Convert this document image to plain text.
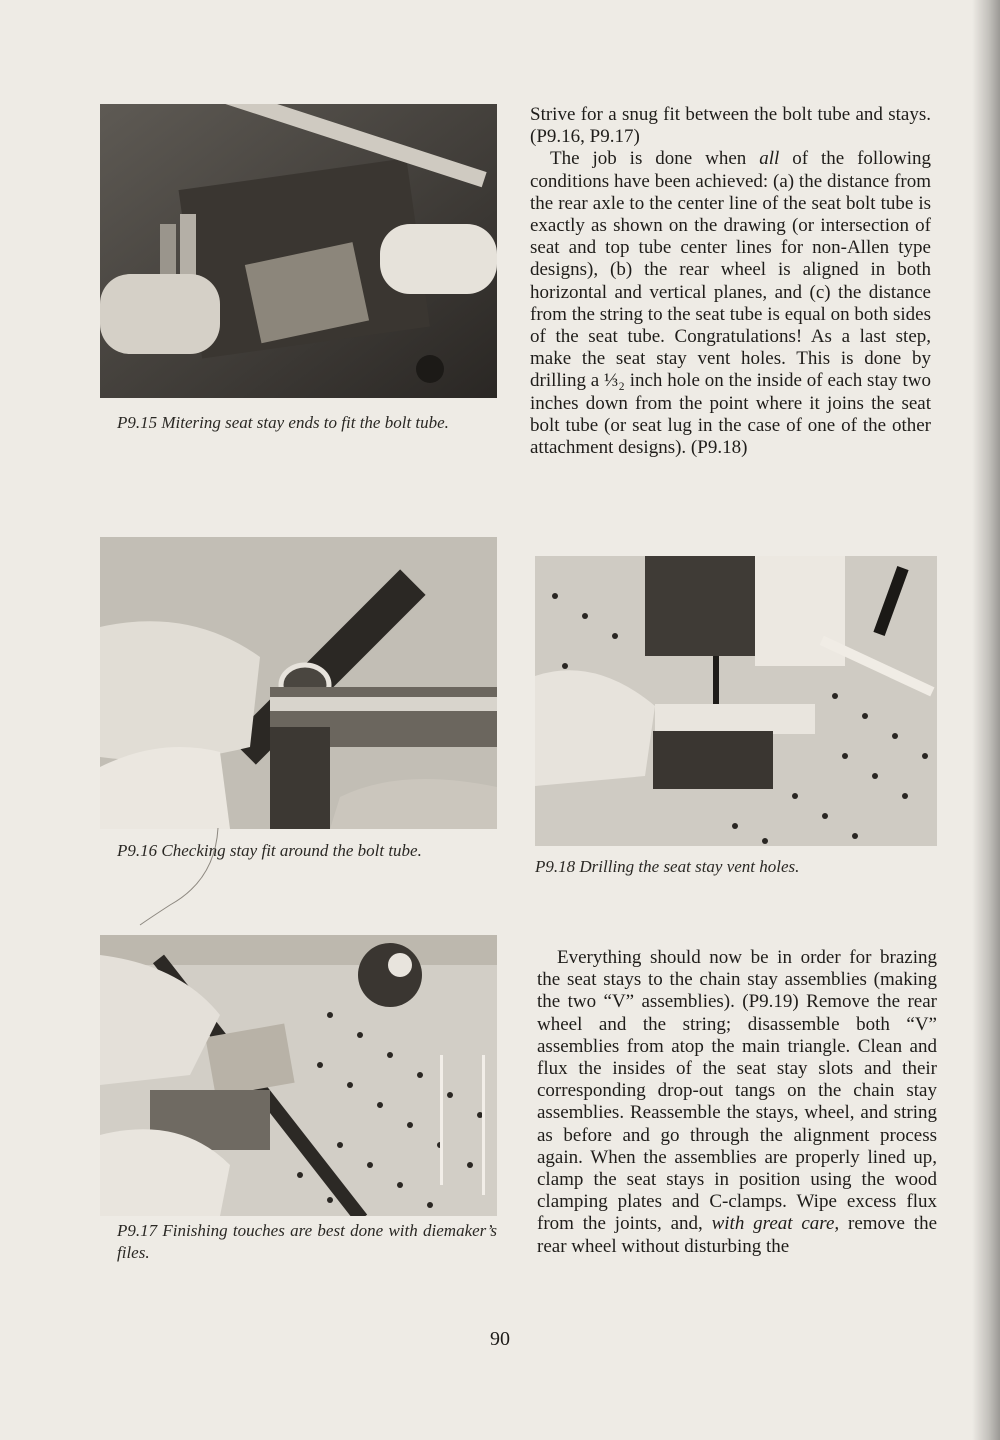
P9.15 Mitering seat stay ends to fit the bolt tube.

Strive for a snug fit between the bolt tube and stays. (P9.16, P9.17)

The job is done when all of the following conditions have been achieved: (a) the distance from the rear axle to the center line of the seat bolt tube is exactly as shown on the drawing (or intersection of seat and top tube center lines for non-Allen type designs), (b) the rear wheel is aligned in both horizontal and vertical planes, and (c) the distance from the string to the seat tube is equal on both sides of the seat tube. Congratulations! As a last step, make the seat stay vent holes. This is done by drilling a ⅓₂ inch hole on the inside of each stay two inches down from the point where it joins the seat bolt tube (or seat lug in the case of one of the other attachment designs). (P9.18)

P9.16 Checking stay fit around the bolt tube.
P9.18 Drilling the seat stay vent holes.
P9.17 Finishing touches are best done with diemaker’s files.

Everything should now be in order for brazing the seat stays to the chain stay assemblies (making the two “V” assemblies). (P9.19) Remove the rear wheel and the string; disassemble both “V” assemblies from atop the main triangle. Clean and flux the insides of the seat stay slots and their corresponding drop-out tangs on the chain stay assemblies. Reassemble the stays, wheel, and string as before and go through the alignment process again. When the assemblies are properly lined up, clamp the seat stays in position using the wood clamping plates and C-clamps. Wipe excess flux from the joints, and, with great care, remove the rear wheel without disturbing the

90
